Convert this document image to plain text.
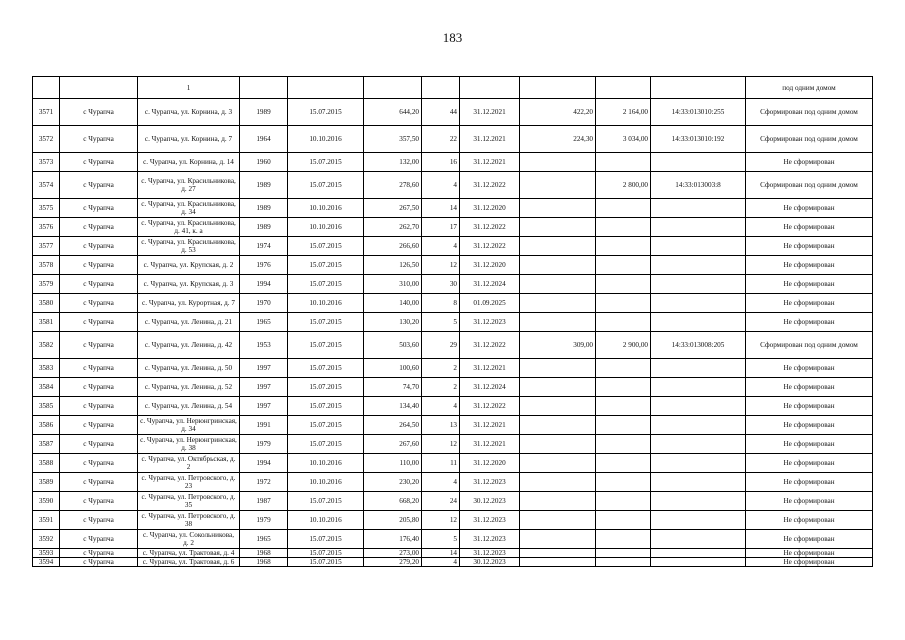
183
		1									под одним домом
3571	с Чурапча	с. Чурапча, ул. Корнина, д. 3	1989	15.07.2015	644,20	44	31.12.2021	422,20	2 164,00	14:33:013010:255	Сформирован под одним домом
3572	с Чурапча	с. Чурапча, ул. Корнина, д. 7	1964	10.10.2016	357,50	22	31.12.2021	224,30	3 034,00	14:33:013010:192	Сформирован под одним домом
3573	с Чурапча	с. Чурапча, ул. Корнина, д. 14	1960	15.07.2015	132,00	16	31.12.2021				Не сформирован
3574	с Чурапча	с. Чурапча, ул. Красильникова, д. 27	1989	15.07.2015	278,60	4	31.12.2022		2 800,00	14:33:013003:8	Сформирован под одним домом
3575	с Чурапча	с. Чурапча, ул. Красильникова, д. 34	1989	10.10.2016	267,50	14	31.12.2020				Не сформирован
3576	с Чурапча	с. Чурапча, ул. Красильникова, д. 41, к. а	1989	10.10.2016	262,70	17	31.12.2022				Не сформирован
3577	с Чурапча	с. Чурапча, ул. Красильникова, д. 53	1974	15.07.2015	266,60	4	31.12.2022				Не сформирован
3578	с Чурапча	с. Чурапча, ул. Крупская, д. 2	1976	15.07.2015	126,50	12	31.12.2020				Не сформирован
3579	с Чурапча	с. Чурапча, ул. Крупская, д. 3	1994	15.07.2015	310,00	30	31.12.2024				Не сформирован
3580	с Чурапча	с. Чурапча, ул. Курортная, д. 7	1970	10.10.2016	140,00	8	01.09.2025				Не сформирован
3581	с Чурапча	с. Чурапча, ул. Ленина, д. 21	1965	15.07.2015	130,20	5	31.12.2023				Не сформирован
3582	с Чурапча	с. Чурапча, ул. Ленина, д. 42	1953	15.07.2015	503,60	29	31.12.2022	309,00	2 900,00	14:33:013008:205	Сформирован под одним домом
3583	с Чурапча	с. Чурапча, ул. Ленина, д. 50	1997	15.07.2015	100,60	2	31.12.2021				Не сформирован
3584	с Чурапча	с. Чурапча, ул. Ленина, д. 52	1997	15.07.2015	74,70	2	31.12.2024				Не сформирован
3585	с Чурапча	с. Чурапча, ул. Ленина, д. 54	1997	15.07.2015	134,40	4	31.12.2022				Не сформирован
3586	с Чурапча	с. Чурапча, ул. Нерюнгринская, д. 34	1991	15.07.2015	264,50	13	31.12.2021				Не сформирован
3587	с Чурапча	с. Чурапча, ул. Нерюнгринская, д. 38	1979	15.07.2015	267,60	12	31.12.2021				Не сформирован
3588	с Чурапча	с. Чурапча, ул. Октябрьская, д. 2	1994	10.10.2016	110,00	11	31.12.2020				Не сформирован
3589	с Чурапча	с. Чурапча, ул. Петровского, д. 23	1972	10.10.2016	230,20	4	31.12.2023				Не сформирован
3590	с Чурапча	с. Чурапча, ул. Петровского, д. 35	1987	15.07.2015	668,20	24	30.12.2023				Не сформирован
3591	с Чурапча	с. Чурапча, ул. Петровского, д. 38	1979	10.10.2016	205,80	12	31.12.2023				Не сформирован
3592	с Чурапча	с. Чурапча, ул. Сокольникова, д. 2	1965	15.07.2015	176,40	5	31.12.2023				Не сформирован
3593	с Чурапча	с. Чурапча, ул. Трактовая, д. 4	1968	15.07.2015	273,00	14	31.12.2023				Не сформирован
3594	с Чурапча	с. Чурапча, ул. Трактовая, д. 6	1968	15.07.2015	279,20	4	30.12.2023				Не сформирован
